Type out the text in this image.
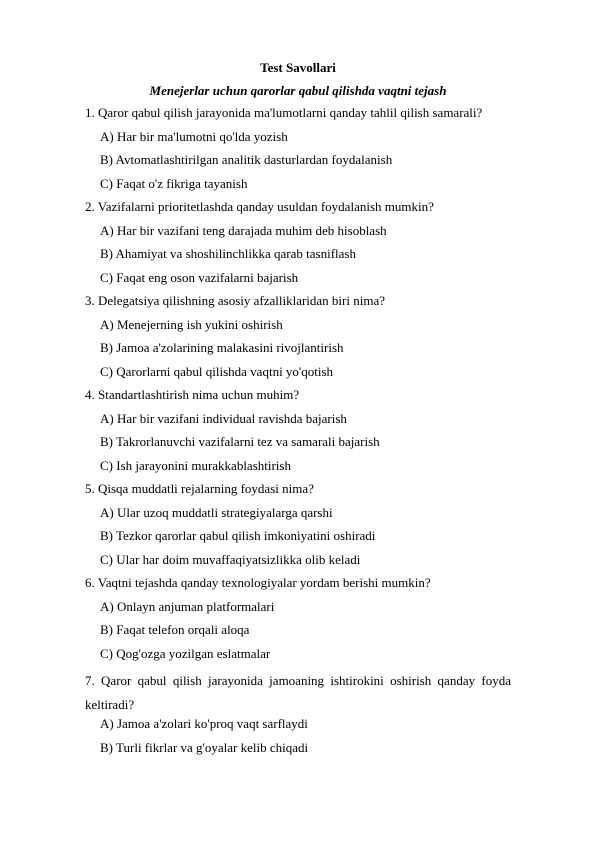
Test Savollari
Menejerlar uchun qarorlar qabul qilishda vaqtni tejash
1. Qaror qabul qilish jarayonida ma'lumotlarni qanday tahlil qilish samarali?
A) Har bir ma'lumotni qo'lda yozish
B) Avtomatlashtirilgan analitik dasturlardan foydalanish
C) Faqat o'z fikriga tayanish
2. Vazifalarni prioritetlashda qanday usuldan foydalanish mumkin?
A) Har bir vazifani teng darajada muhim deb hisoblash
B) Ahamiyat va shoshilinchlikka qarab tasniflash
C) Faqat eng oson vazifalarni bajarish
3. Delegatsiya qilishning asosiy afzalliklaridan biri nima?
A) Menejerning ish yukini oshirish
B) Jamoa a'zolarining malakasini rivojlantirish
C) Qarorlarni qabul qilishda vaqtni yo'qotish
4. Standartlashtirish nima uchun muhim?
A) Har bir vazifani individual ravishda bajarish
B) Takrorlanuvchi vazifalarni tez va samarali bajarish
C) Ish jarayonini murakkablashtirish
5. Qisqa muddatli rejalarning foydasi nima?
A) Ular uzoq muddatli strategiyalarga qarshi
B) Tezkor qarorlar qabul qilish imkoniyatini oshiradi
C) Ular har doim muvaffaqiyatsizlikka olib keladi
6. Vaqtni tejashda qanday texnologiyalar yordam berishi mumkin?
A) Onlayn anjuman platformalari
B) Faqat telefon orqali aloqa
C) Qog'ozga yozilgan eslatmalar
7. Qaror qabul qilish jarayonida jamoaning ishtirokini oshirish qanday foyda keltiradi?
A) Jamoa a'zolari ko'proq vaqt sarflaydi
B) Turli fikrlar va g'oyalar kelib chiqadi
